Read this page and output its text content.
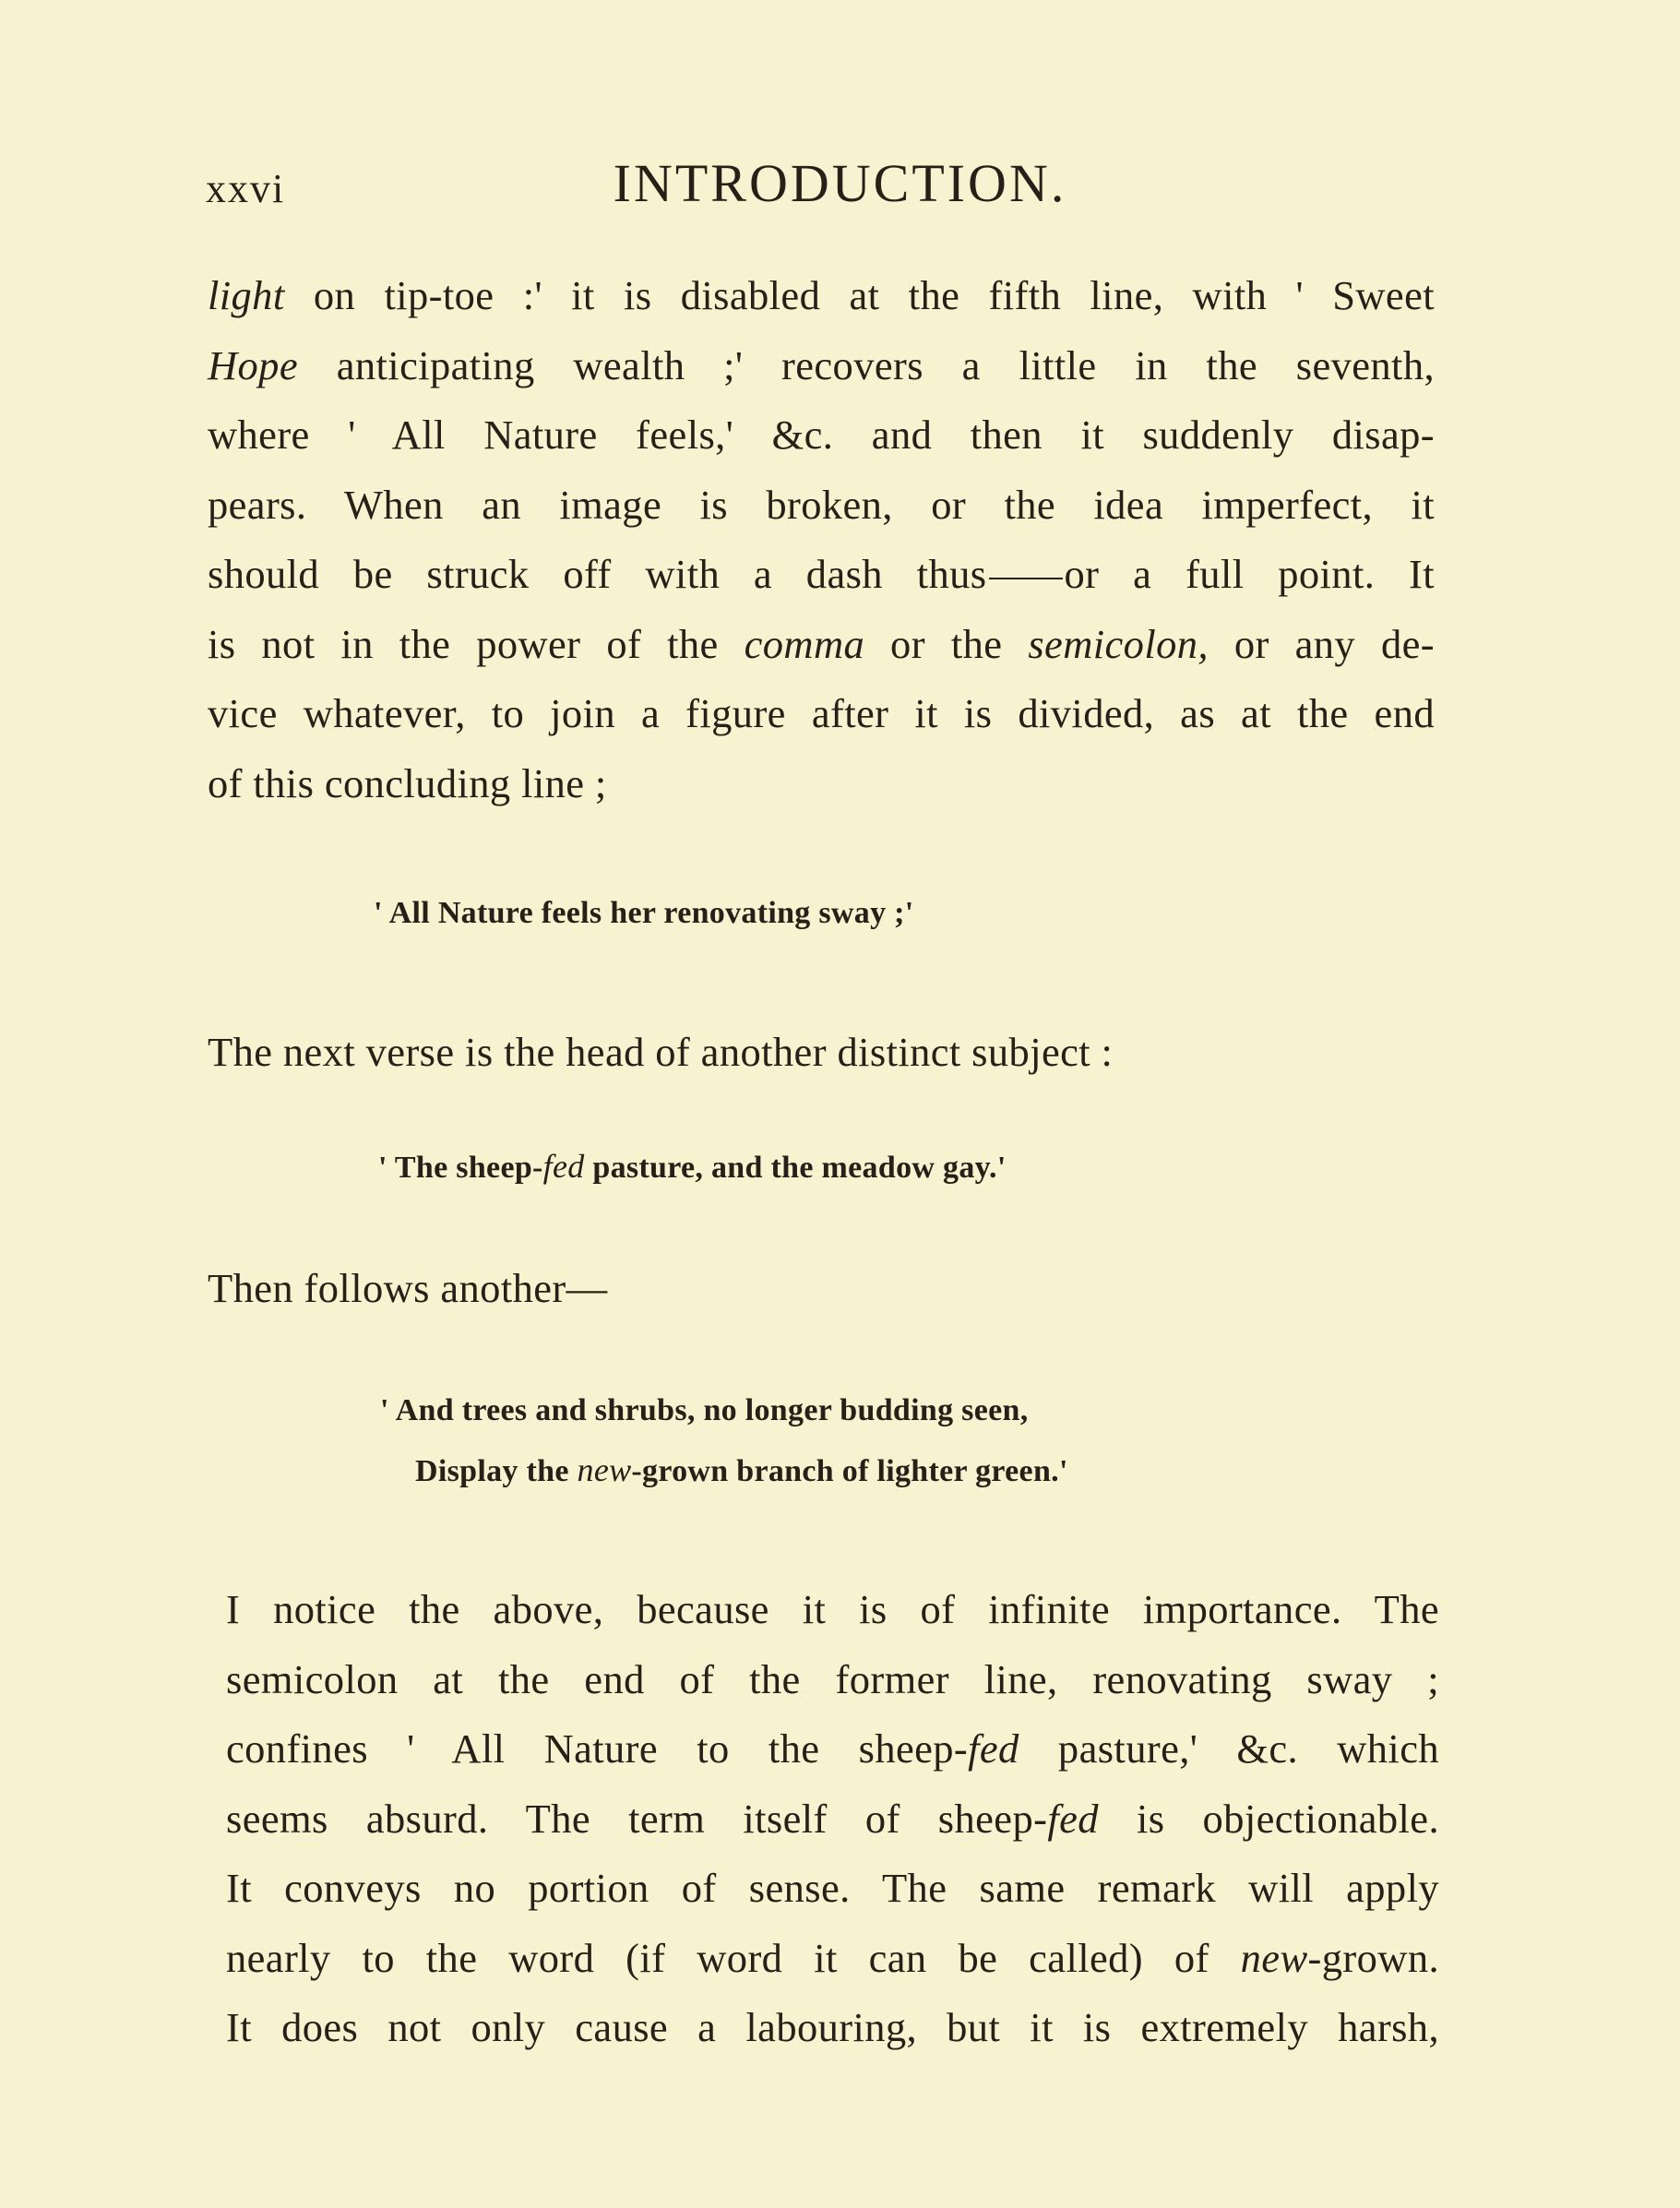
xxvi	INTRODUCTION.
light on tip-toe :' it is disabled at the fifth line, with ' Sweet
Hope anticipating wealth ;' recovers a little in the seventh,
where ' All Nature feels,' &c. and then it suddenly disap-
pears. When an image is broken, or the idea imperfect, it
should be struck off with a dash thus or a full point. It
is not in the power of the comma or the semicolon, or any de-
vice whatever, to join a figure after it is divided, as at the end
of this concluding line ;
' All Nature feels her renovating sway ;'
The next verse is the head of another distinct subject :
' The sheep-fed pasture, and the meadow gay.'
Then follows another—
' And trees and shrubs, no longer budding seen,
Display the new-grown branch of lighter green.'
I notice the above, because it is of infinite importance. The
semicolon at the end of the former line, renovating sway ;
confines ' All Nature to the sheep-fed pasture,' &c. which
seems absurd. The term itself of sheep-fed is objectionable.
It conveys no portion of sense. The same remark will apply
nearly to the word (if word it can be called) of new-grown.
It does not only cause a labouring, but it is extremely harsh,
